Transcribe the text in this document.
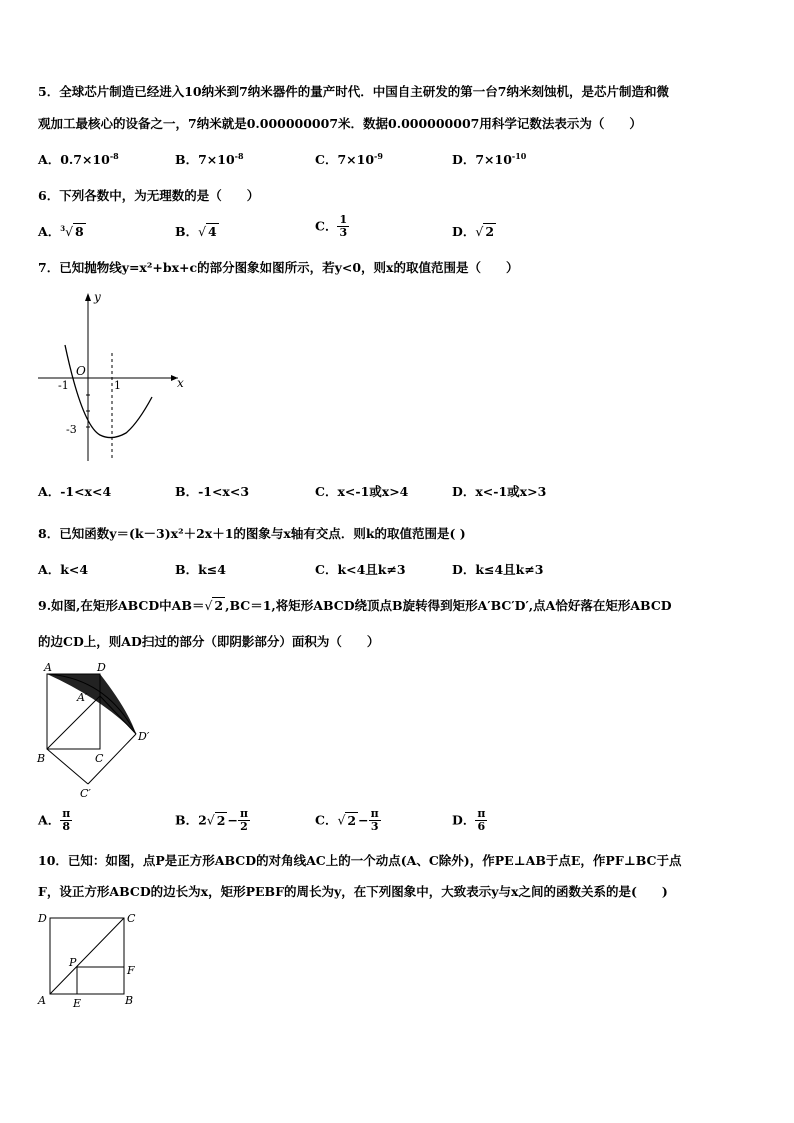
5．全球芯片制造已经进入10纳米到7纳米器件的量产时代．中国自主研发的第一台7纳米刻蚀机，是芯片制造和微
观加工最核心的设备之一，7纳米就是0.000000007米．数据0.000000007用科学记数法表示为（　　）
A．$0.7\times 10^{-8}$	B．$7\times 10^{-8}$	C．$7\times 10^{-9}$	D．$7\times 10^{-10}$
6．下列各数中，为无理数的是（　　）
A．$^3$√ 8	B．√ 4	C． $\frac{1}{3}$	D．√ 2
7．已知抛物线y=x²+bx+c的部分图象如图所示，若y<0，则x的取值范围是（　　）
y
x
O
-1	1
-3
A．-1<x<4	B．-1<x<3	C．x<-1或x>4	D．x<-1或x>3
8．已知函数y＝(k－3)x²＋2x＋1的图象与x轴有交点．则k的取值范围是( )
A．k<4	B．k≤4	C．k<4且k≠3	D．k≤4且k≠3
9.如图,在矩形ABCD中AB＝√ 2 ,BC＝1,将矩形ABCD绕顶点B旋转得到矩形A′BC′D′,点A恰好落在矩形ABCD
的边CD上，则AD扫过的部分（即阴影部分）面积为（　　）
A	D
A′
D′
B	C
C′
A． $\frac{\pi}{8}$	B．2√ $2 - \frac{\pi}{2}$	C．√ $2 - \frac{\pi}{3}$	D． $\frac{\pi}{6}$
10．已知：如图，点P是正方形ABCD的对角线AC上的一个动点(A、C除外)，作PE⊥AB于点E，作PF⊥BC于点
F，设正方形ABCD的边长为x，矩形PEBF的周长为y，在下列图象中，大致表示y与x之间的函数关系的是(　　)
D	C
P
F
A E	B
